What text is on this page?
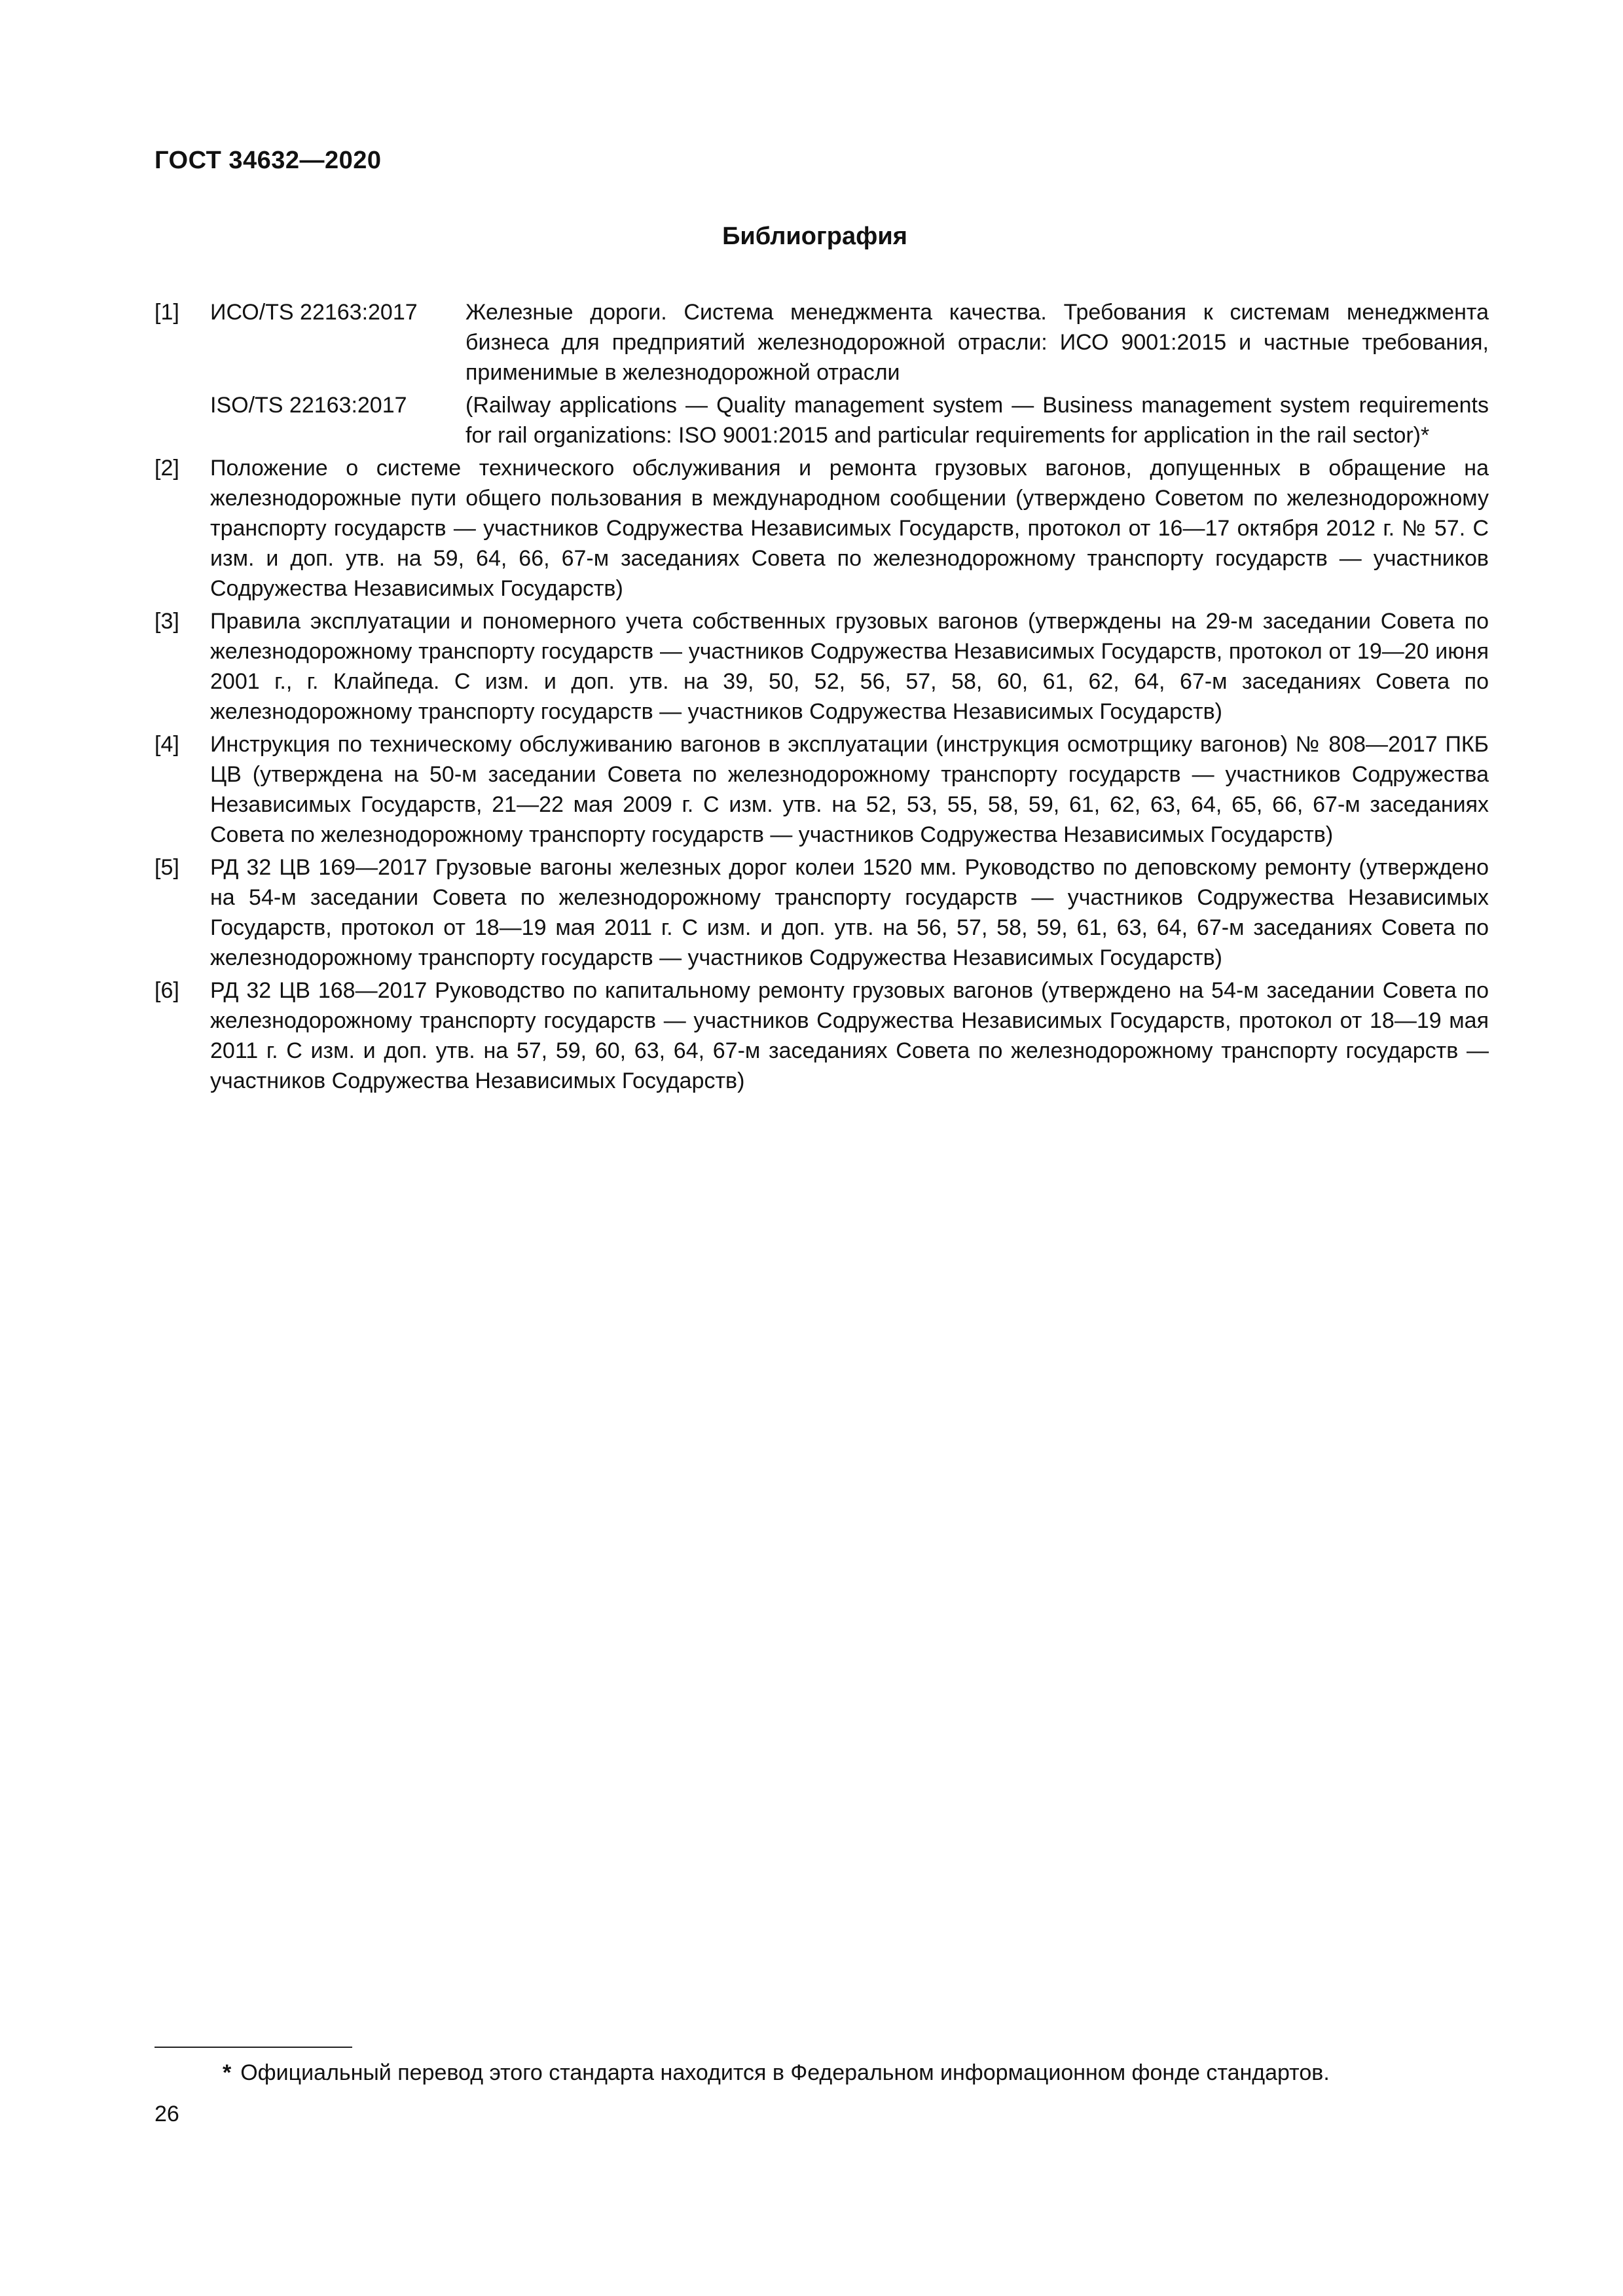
ГОСТ 34632—2020
Библиография
[1]	ИСО/TS 22163:2017	Железные дороги. Система менеджмента качества. Требования к системам менеджмента бизнеса для предприятий железнодорожной отрасли: ИСО 9001:2015 и частные требования, применимые в железнодорожной отрасли
ISO/TS 22163:2017	(Railway applications — Quality management system — Business management system requirements for rail organizations: ISO 9001:2015 and particular requirements for application in the rail sector)*
[2]	Положение о системе технического обслуживания и ремонта грузовых вагонов, допущенных в обращение на железнодорожные пути общего пользования в международном сообщении (утверждено Советом по железнодорожному транспорту государств — участников Содружества Независимых Государств, протокол от 16—17 октября 2012 г. № 57. С изм. и доп. утв. на 59, 64, 66, 67-м заседаниях Совета по железнодорожному транспорту государств — участников Содружества Независимых Государств)
[3]	Правила эксплуатации и пономерного учета собственных грузовых вагонов (утверждены на 29-м заседании Совета по железнодорожному транспорту государств — участников Содружества Независимых Государств, протокол от 19—20 июня 2001 г., г. Клайпеда. С изм. и доп. утв. на 39, 50, 52, 56, 57, 58, 60, 61, 62, 64, 67-м заседаниях Совета по железнодорожному транспорту государств — участников Содружества Независимых Государств)
[4]	Инструкция по техническому обслуживанию вагонов в эксплуатации (инструкция осмотрщику вагонов) № 808—2017 ПКБ ЦВ (утверждена на 50-м заседании Совета по железнодорожному транспорту государств — участников Содружества Независимых Государств, 21—22 мая 2009 г. С изм. утв. на 52, 53, 55, 58, 59, 61, 62, 63, 64, 65, 66, 67-м заседаниях Совета по железнодорожному транспорту государств — участников Содружества Независимых Государств)
[5]	РД 32 ЦВ 169—2017 Грузовые вагоны железных дорог колеи 1520 мм. Руководство по деповскому ремонту (утверждено на 54-м заседании Совета по железнодорожному транспорту государств — участников Содружества Независимых Государств, протокол от 18—19 мая 2011 г. С изм. и доп. утв. на 56, 57, 58, 59, 61, 63, 64, 67-м заседаниях Совета по железнодорожному транспорту государств — участников Содружества Независимых Государств)
[6]	РД 32 ЦВ 168—2017 Руководство по капитальному ремонту грузовых вагонов (утверждено на 54-м заседании Совета по железнодорожному транспорту государств — участников Содружества Независимых Государств, протокол от 18—19 мая 2011 г. С изм. и доп. утв. на 57, 59, 60, 63, 64, 67-м заседаниях Совета по железнодорожному транспорту государств — участников Содружества Независимых Государств)
* Официальный перевод этого стандарта находится в Федеральном информационном фонде стандартов.
26
